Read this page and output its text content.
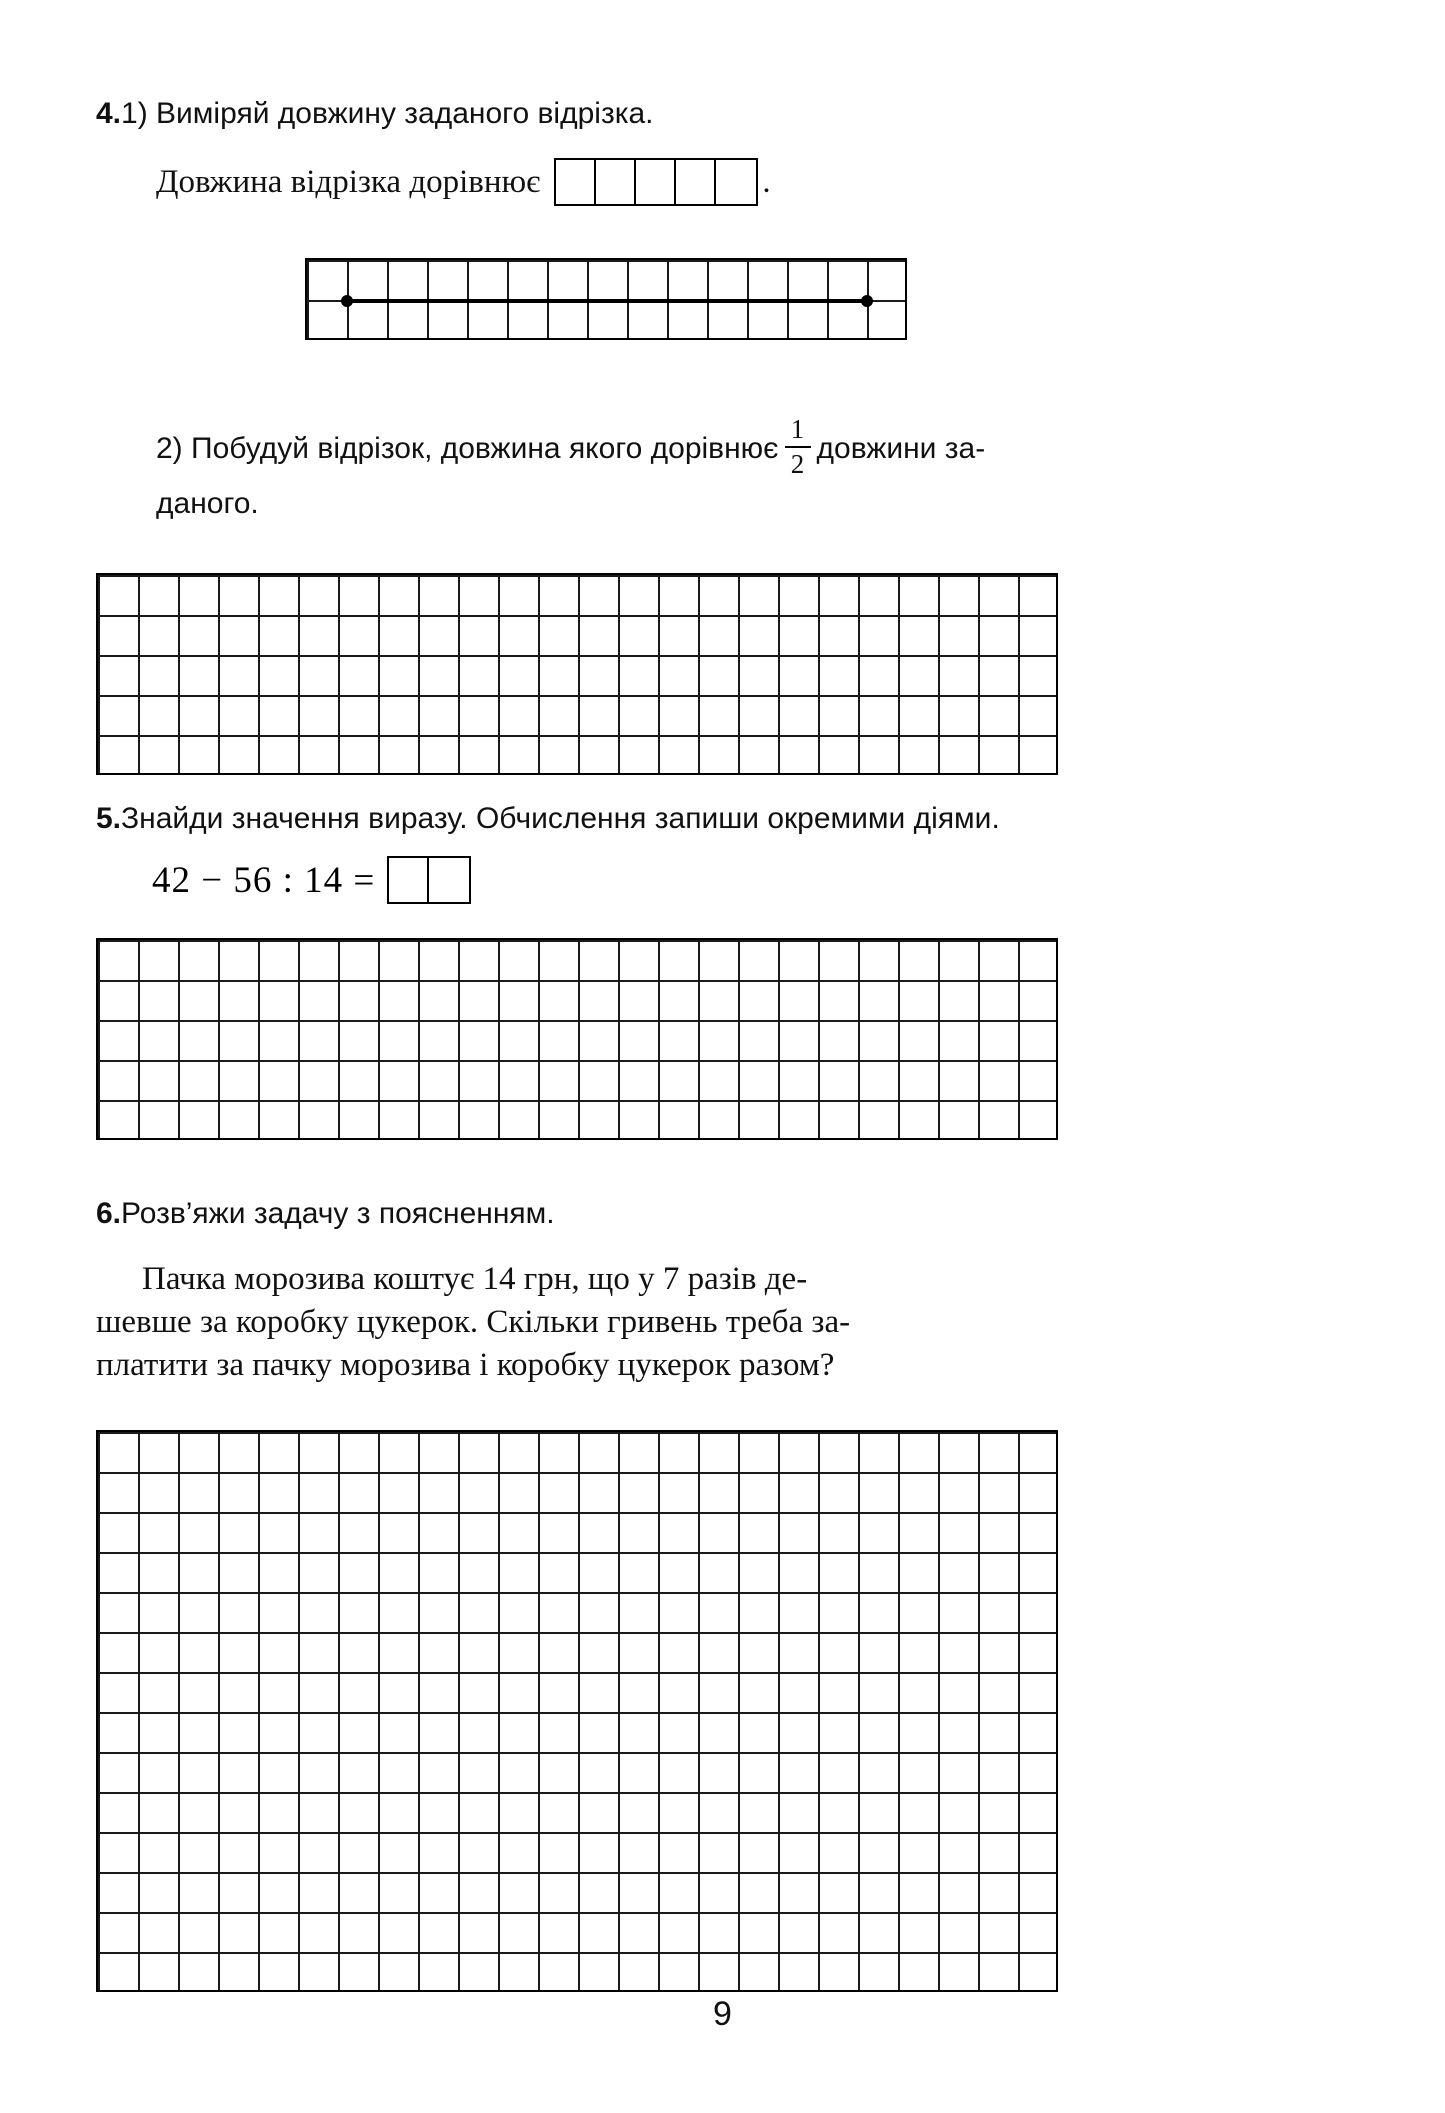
4. 1) Виміряй довжину заданого відрізка.
Довжина відрізка дорівнює	.
2) Побудуй відрізок, довжина якого дорівнює $\frac{1}{2}$ довжини за-
даного.
5. Знайди значення виразу. Обчислення запиши окремими діями.
42 − 56 : 14 =
6. Розв’яжи задачу з поясненням.
Пачка морозива коштує 14 грн, що у 7 разів де-
шевше за коробку цукерок. Скільки гривень треба за-
платити за пачку морозива і коробку цукерок разом?
9
